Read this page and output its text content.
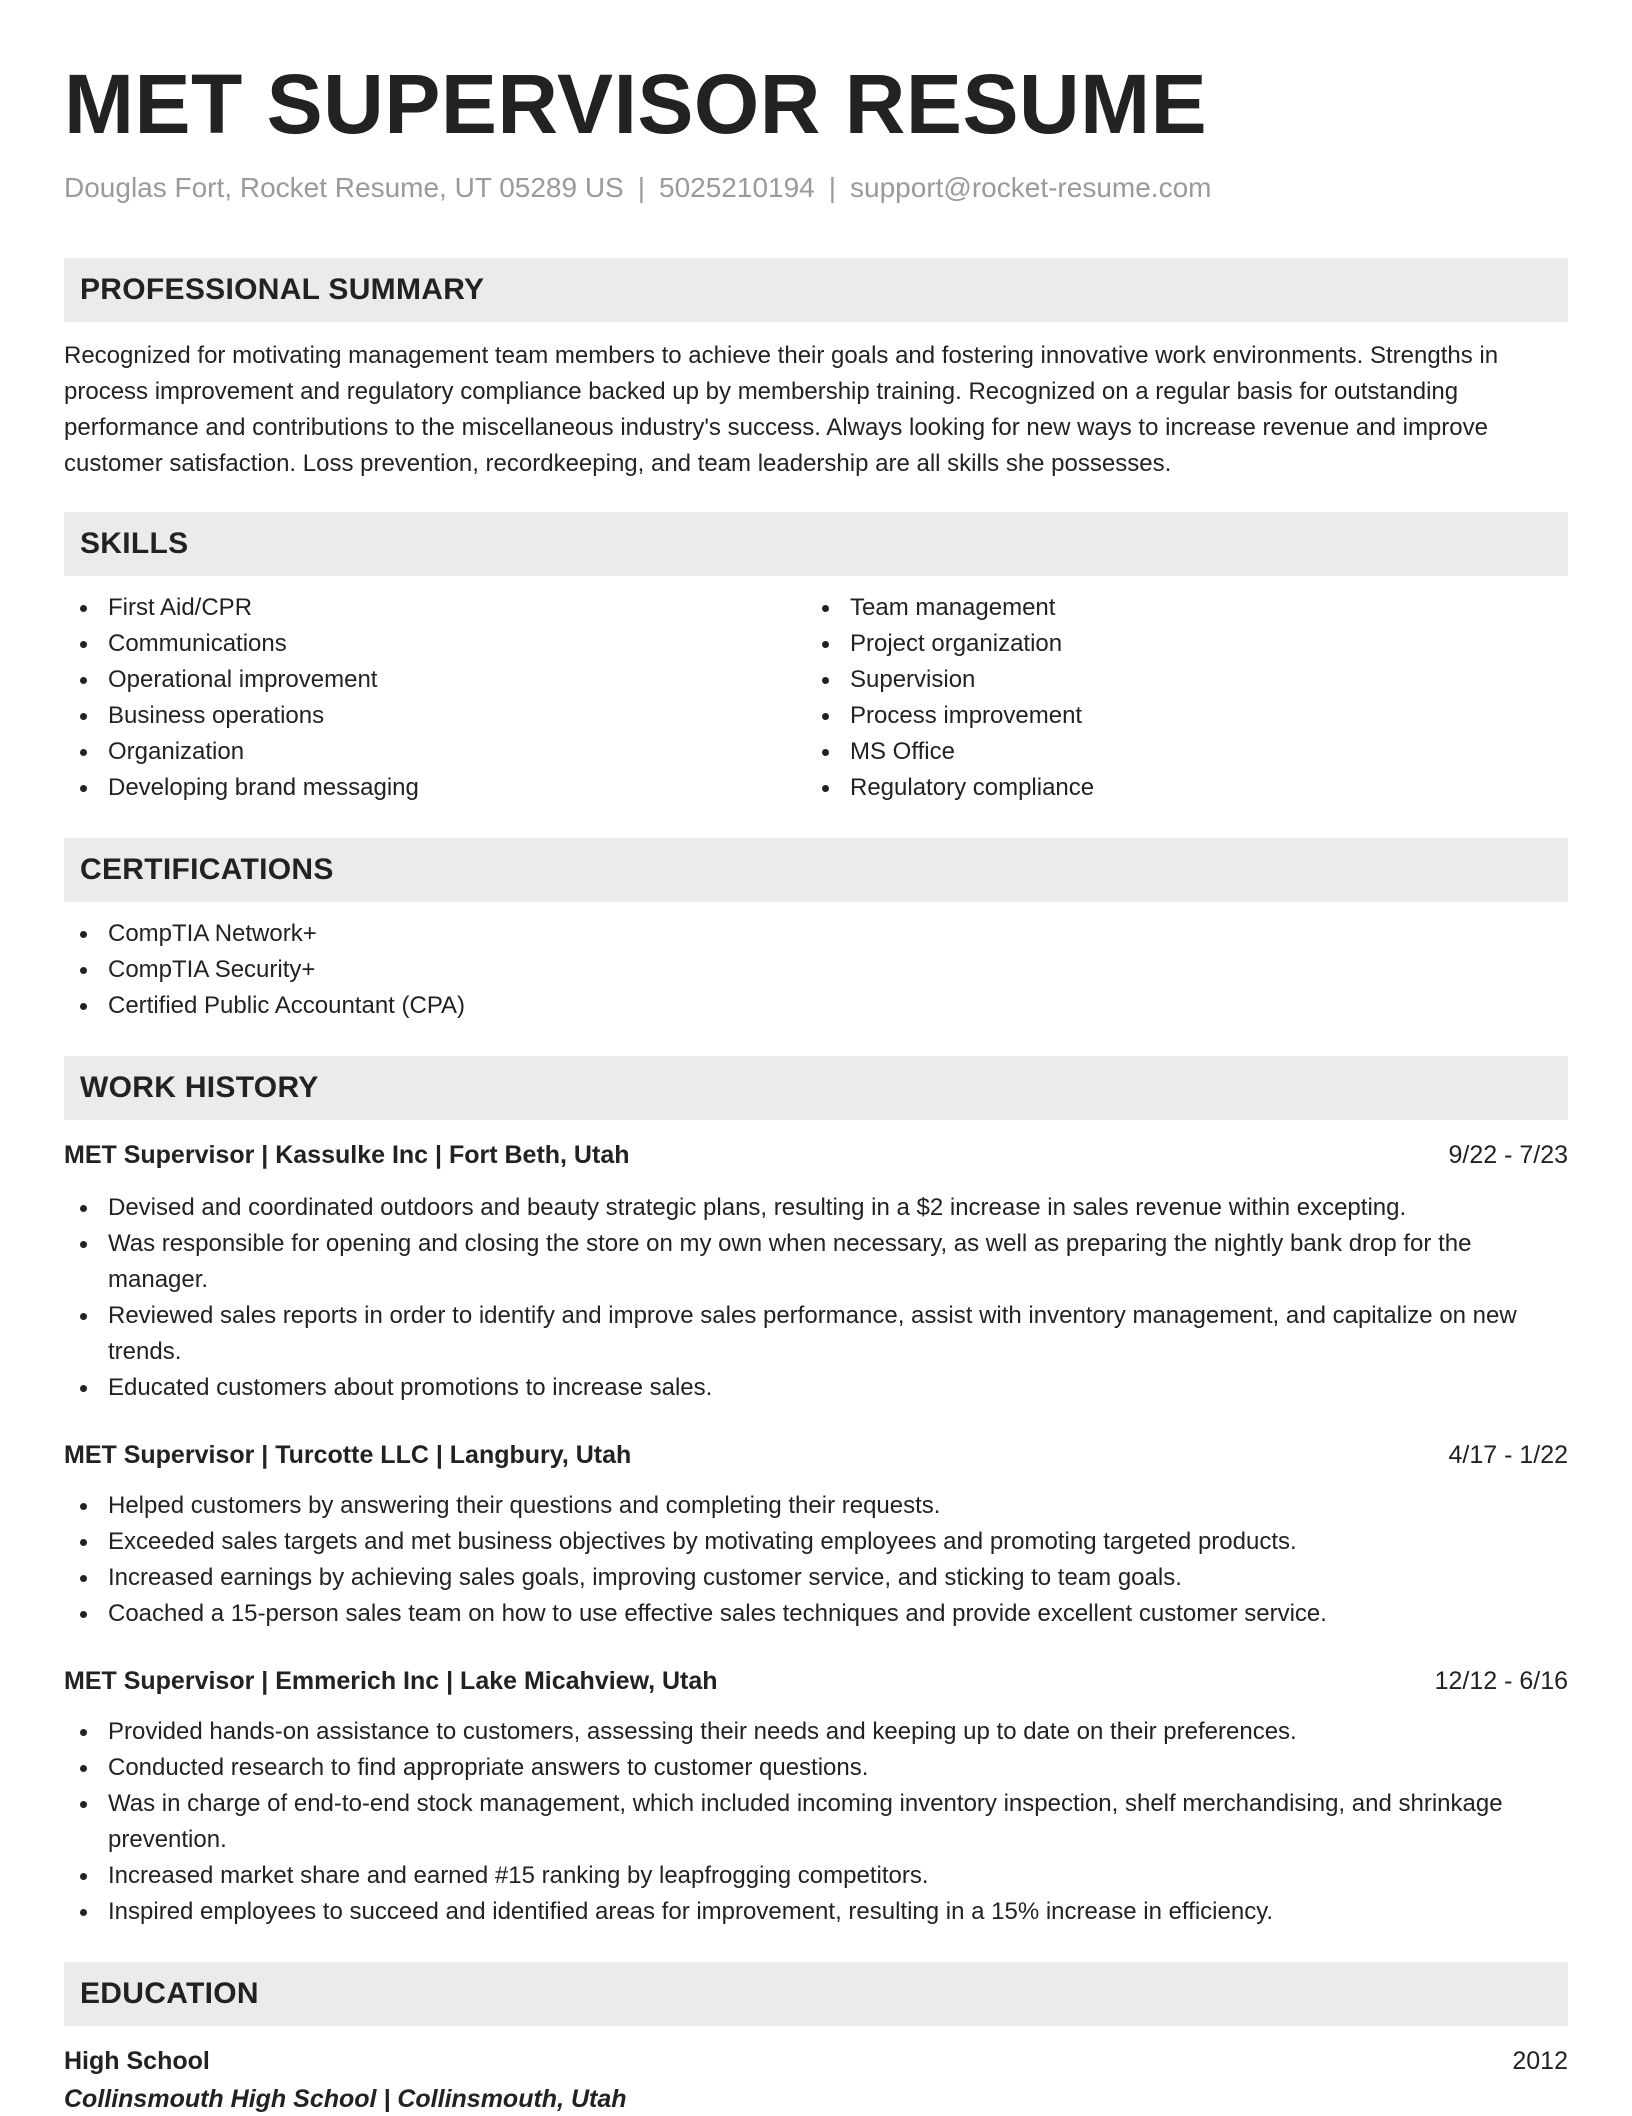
MET SUPERVISOR RESUME
Douglas Fort, Rocket Resume, UT 05289 US | 5025210194 | support@rocket-resume.com
PROFESSIONAL SUMMARY

Recognized for motivating management team members to achieve their goals and fostering innovative work environments. Strengths in process improvement and regulatory compliance backed up by membership training. Recognized on a regular basis for outstanding performance and contributions to the miscellaneous industry's success. Always looking for new ways to increase revenue and improve customer satisfaction. Loss prevention, recordkeeping, and team leadership are all skills she possesses.

SKILLS
First Aid/CPR
Communications
Operational improvement
Business operations
Organization
Developing brand messaging
Team management
Project organization
Supervision
Process improvement
MS Office
Regulatory compliance
CERTIFICATIONS
CompTIA Network+
CompTIA Security+
Certified Public Accountant (CPA)
WORK HISTORY
MET Supervisor | Kassulke Inc | Fort Beth, Utah	9/22 - 7/23
Devised and coordinated outdoors and beauty strategic plans, resulting in a $2 increase in sales revenue within excepting.
Was responsible for opening and closing the store on my own when necessary, as well as preparing the nightly bank drop for the manager.
Reviewed sales reports in order to identify and improve sales performance, assist with inventory management, and capitalize on new trends.
Educated customers about promotions to increase sales.
MET Supervisor | Turcotte LLC | Langbury, Utah	4/17 - 1/22
Helped customers by answering their questions and completing their requests.
Exceeded sales targets and met business objectives by motivating employees and promoting targeted products.
Increased earnings by achieving sales goals, improving customer service, and sticking to team goals.
Coached a 15-person sales team on how to use effective sales techniques and provide excellent customer service.
MET Supervisor | Emmerich Inc | Lake Micahview, Utah	12/12 - 6/16
Provided hands-on assistance to customers, assessing their needs and keeping up to date on their preferences.
Conducted research to find appropriate answers to customer questions.
Was in charge of end-to-end stock management, which included incoming inventory inspection, shelf merchandising, and shrinkage prevention.
Increased market share and earned #15 ranking by leapfrogging competitors.
Inspired employees to succeed and identified areas for improvement, resulting in a 15% increase in efficiency.
EDUCATION
High School	2012
Collinsmouth High School | Collinsmouth, Utah
